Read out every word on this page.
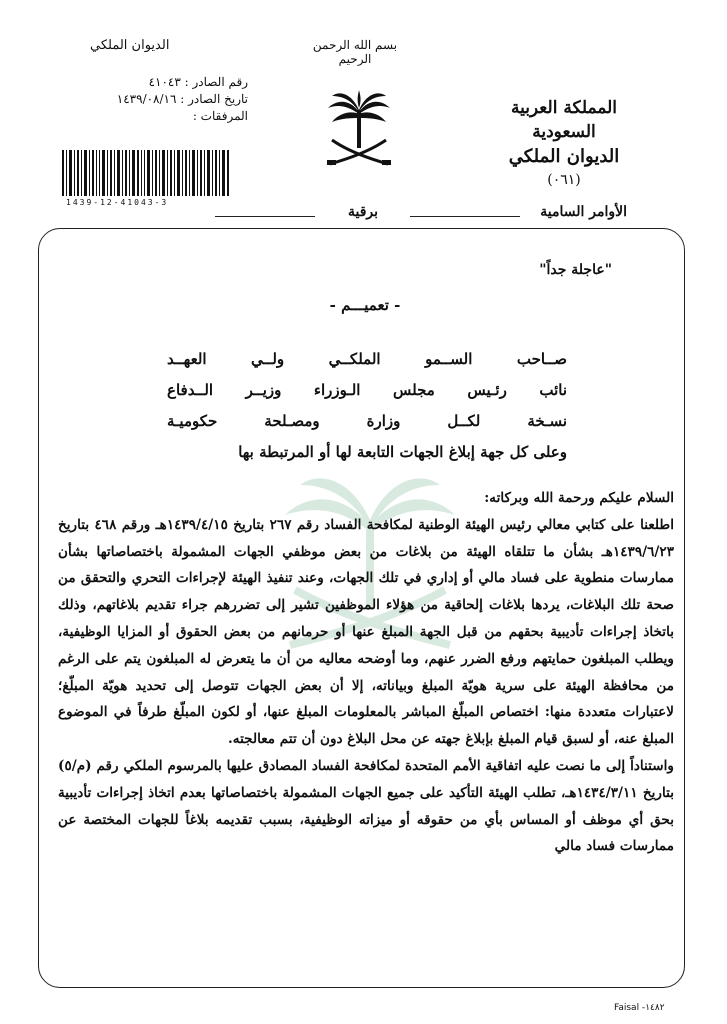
بسم الله الرحمن الرحيم
المملكة العربية السعودية
الديوان الملكي
(٠٦١)
الديوان الملكي
رقم الصادر : ٤١٠٤٣
تاريخ الصادر : ١٤٣٩/٠٨/١٦
المرفقات :
1439-12-41043-3
برقية	الأوامر السامية
"عاجلة جداً"
- تعميـــم -
صــاحب الســمو الملكــي ولــي العهــد
نائب رئـيس مجلس الـوزراء وزيــر الــدفاع
نسـخة لكــل وزارة ومصـلحة حكوميـة
وعلى كل جهة إبلاغ الجهات التابعة لها أو المرتبطة بها

السلام عليكم ورحمة الله وبركاته:

اطلعنا على كتابي معالي رئيس الهيئة الوطنية لمكافحة الفساد رقم ٢٦٧ بتاريخ ١٤٣٩/٤/١٥هـ ورقم ٤٦٨ بتاريخ ١٤٣٩/٦/٢٣هـ بشأن ما تتلقاه الهيئة من بلاغات من بعض موظفي الجهات المشمولة باختصاصاتها بشأن ممارسات منطوية على فساد مالي أو إداري في تلك الجهات، وعند تنفيذ الهيئة لإجراءات التحري والتحقق من صحة تلك البلاغات، يردها بلاغات إلحاقية من هؤلاء الموظفين تشير إلى تضررهم جراء تقديم بلاغاتهم، وذلك باتخاذ إجراءات تأديبية بحقهم من قبل الجهة المبلغ عنها أو حرمانهم من بعض الحقوق أو المزايا الوظيفية، ويطلب المبلغون حمايتهم ورفع الضرر عنهم، وما أوضحه معاليه من أن ما يتعرض له المبلغون يتم على الرغم من محافظة الهيئة على سرية هويّة المبلغ وبياناته، إلا أن بعض الجهات تتوصل إلى تحديد هويّة المبلّغ؛ لاعتبارات متعددة منها: اختصاص المبلّغ المباشر بالمعلومات المبلغ عنها، أو لكون المبلّغ طرفاً في الموضوع المبلغ عنه، أو لسبق قيام المبلغ بإبلاغ جهته عن محل البلاغ دون أن تتم معالجته.

واستناداً إلى ما نصت عليه اتفاقية الأمم المتحدة لمكافحة الفساد المصادق عليها بالمرسوم الملكي رقم (م/٥) بتاريخ ١٤٣٤/٣/١١هـ، تطلب الهيئة التأكيد على جميع الجهات المشمولة باختصاصاتها بعدم اتخاذ إجراءات تأديبية بحق أي موظف أو المساس بأي من حقوقه أو ميزاته الوظيفية، بسبب تقديمه بلاغاً للجهات المختصة عن ممارسات فساد مالي

Faisal -١٤٨٢
